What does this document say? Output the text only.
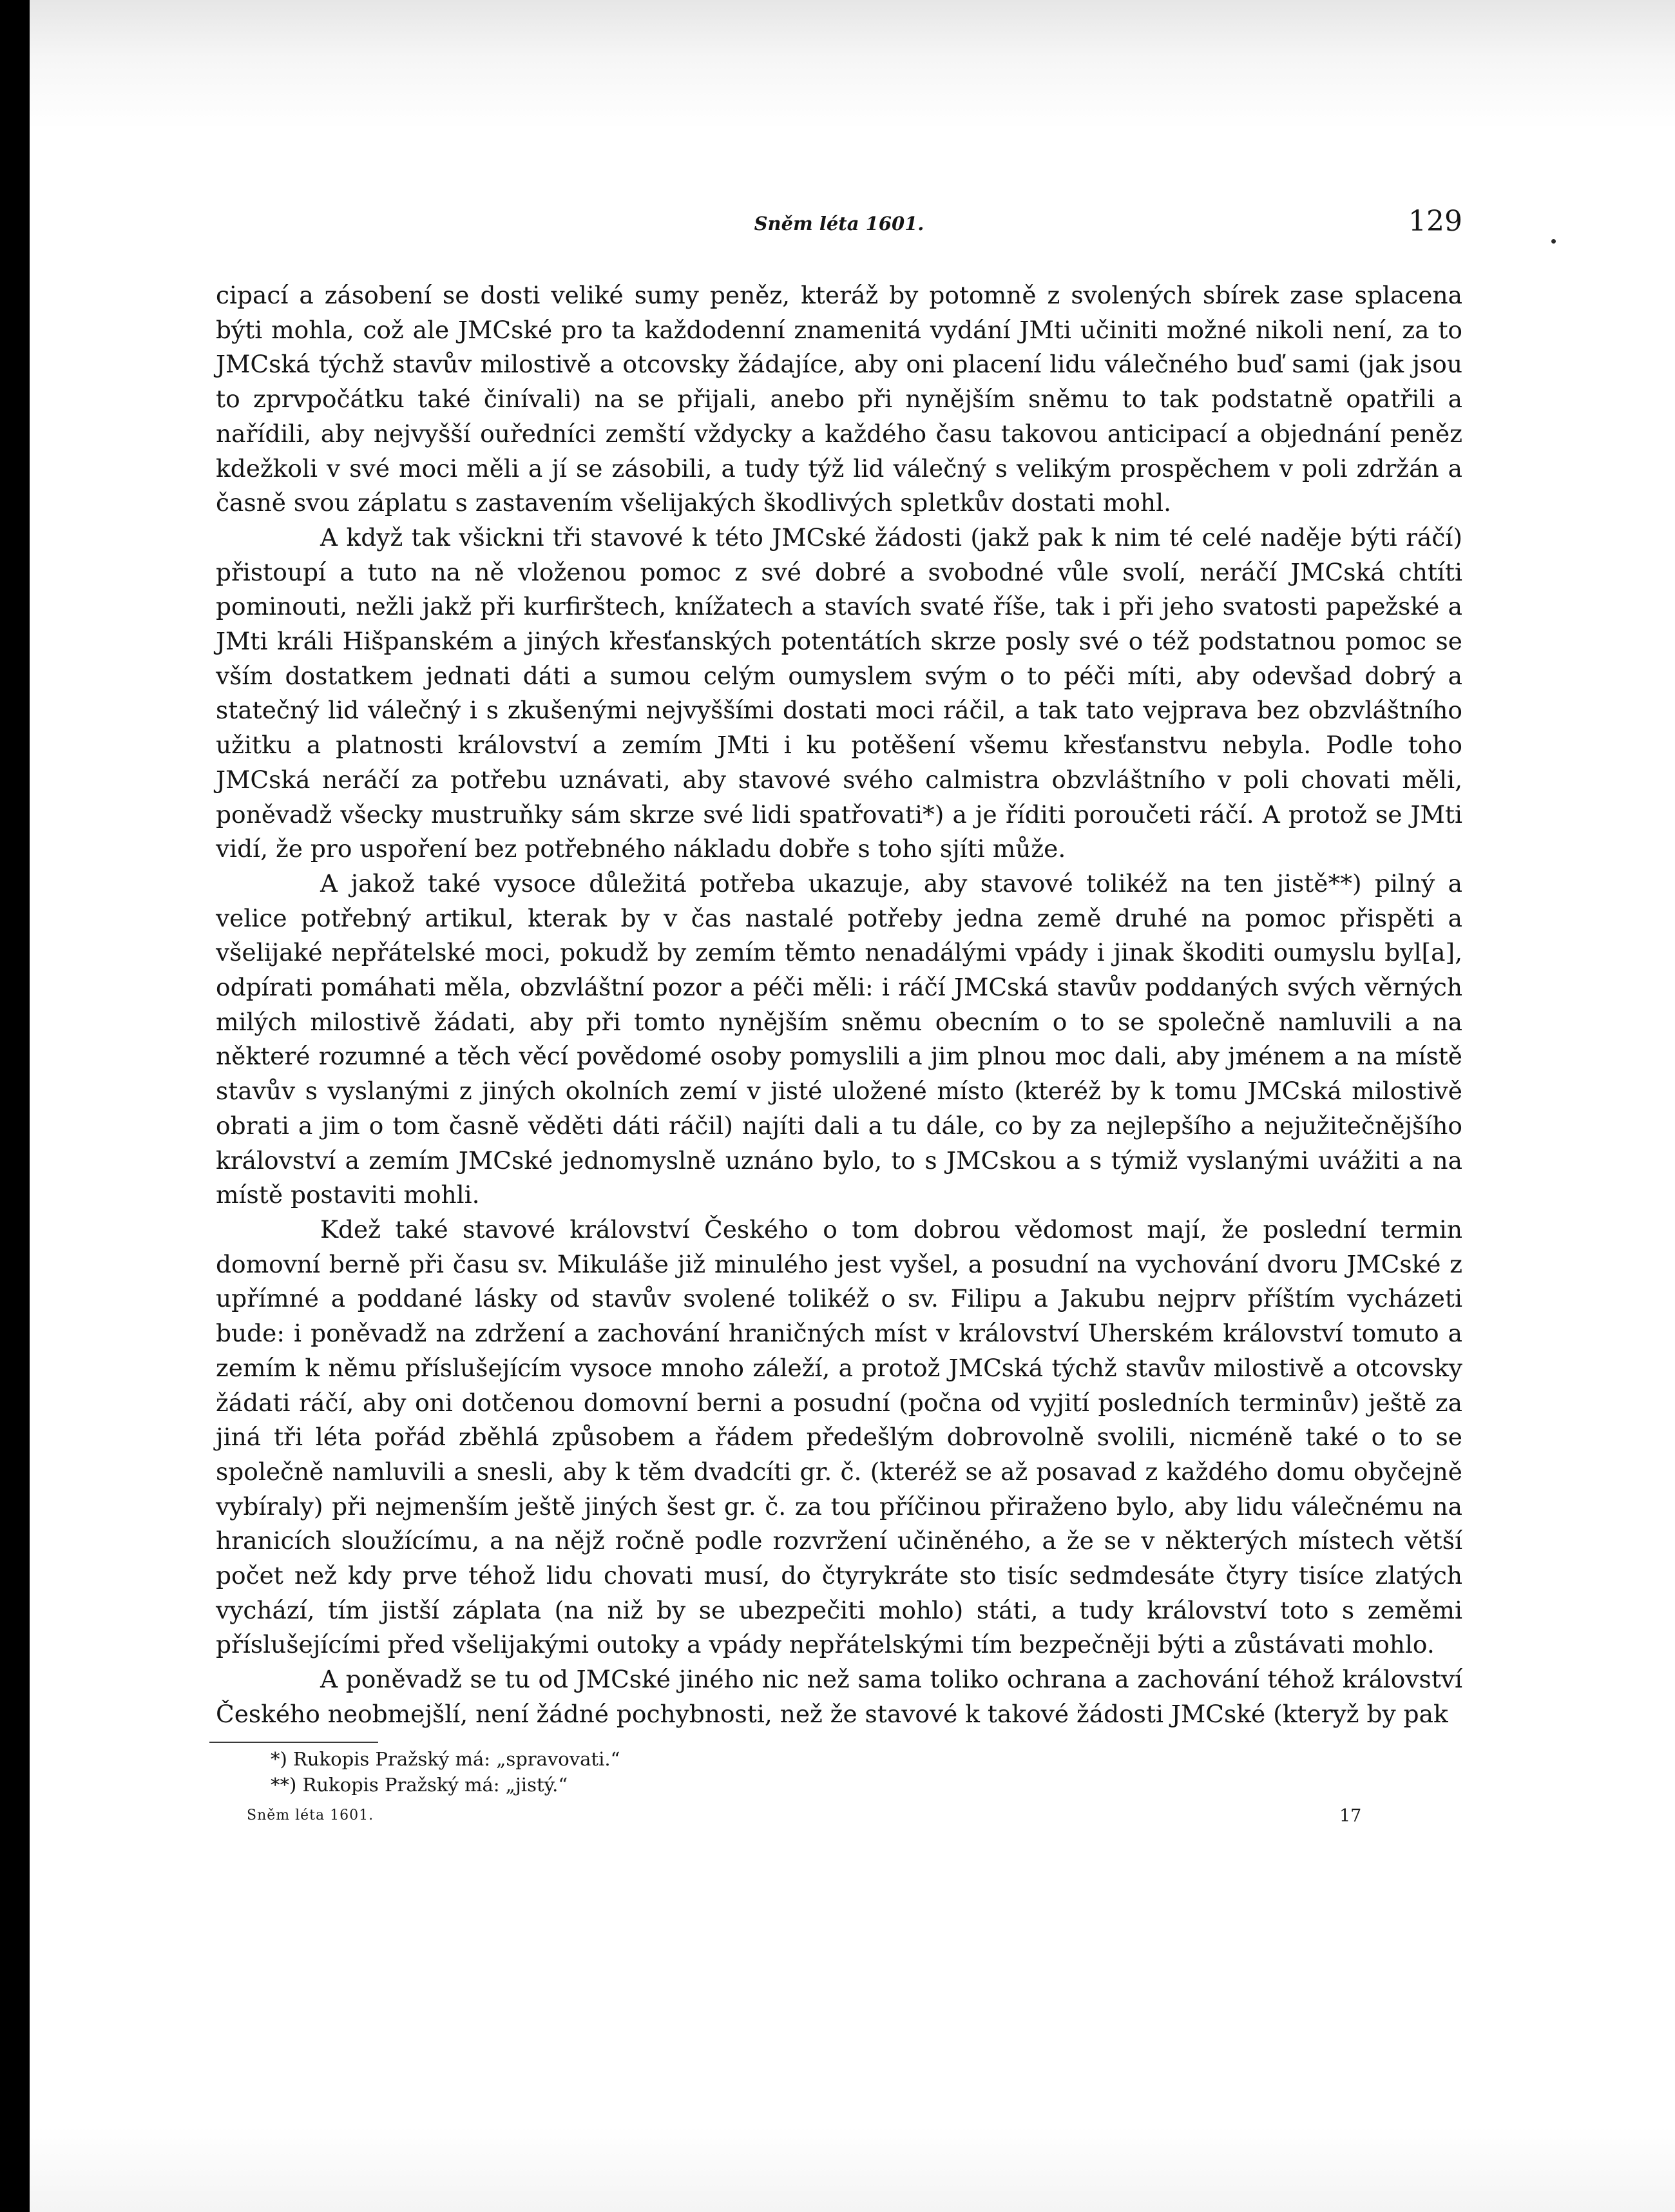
Sněm léta 1601.	129

cipací a zásobení se dosti veliké sumy peněz, kteráž by potomně z svolených sbírek zase splacena býti mohla, což ale JMCské pro ta každodenní znamenitá vydání JMti učiniti možné nikoli není, za to JMCská týchž stavův milostivě a otcovsky žádajíce, aby oni placení lidu válečného buď sami (jak jsou to zprvpočátku také činívali) na se přijali, anebo při nynějším sněmu to tak podstatně opatřili a nařídili, aby nejvyšší ouředníci zemští vždycky a každého času takovou anticipací a objednání peněz kdežkoli v své moci měli a jí se zásobili, a tudy týž lid válečný s velikým prospěchem v poli zdržán a časně svou záplatu s zastavením všelijakých škodlivých spletkův dostati mohl.

A když tak všickni tři stavové k této JMCské žádosti (jakž pak k nim té celé naděje býti ráčí) přistoupí a tuto na ně vloženou pomoc z své dobré a svobodné vůle svolí, neráčí JMCská chtíti pominouti, nežli jakž při kurfirštech, knížatech a stavích svaté říše, tak i při jeho svatosti papežské a JMti králi Hišpanském a jiných křesťanských potentátích skrze posly své o též podstatnou pomoc se vším dostatkem jednati dáti a sumou celým oumyslem svým o to péči míti, aby odevšad dobrý a statečný lid válečný i s zkušenými nejvyššími dostati moci ráčil, a tak tato vejprava bez obzvláštního užitku a platnosti království a zemím JMti i ku potěšení všemu křesťanstvu nebyla. Podle toho JMCská neráčí za potřebu uznávati, aby stavové svého calmistra obzvláštního v poli chovati měli, poněvadž všecky mustruňky sám skrze své lidi spatřovati*) a je říditi poroučeti ráčí. A protož se JMti vidí, že pro uspoření bez potřebného nákladu dobře s toho sjíti může.

A jakož také vysoce důležitá potřeba ukazuje, aby stavové tolikéž na ten jistě**) pilný a velice potřebný artikul, kterak by v čas nastalé potřeby jedna země druhé na pomoc přispěti a všelijaké nepřátelské moci, pokudž by zemím těmto nenadálými vpády i jinak škoditi oumyslu byl[a], odpírati pomáhati měla, obzvláštní pozor a péči měli: i ráčí JMCská stavův poddaných svých věrných milých milostivě žádati, aby při tomto nynějším sněmu obecním o to se společně namluvili a na některé rozumné a těch věcí povědomé osoby pomyslili a jim plnou moc dali, aby jménem a na místě stavův s vyslanými z jiných okolních zemí v jisté uložené místo (kteréž by k tomu JMCská milostivě obrati a jim o tom časně věděti dáti ráčil) najíti dali a tu dále, co by za nejlepšího a nejužitečnějšího království a zemím JMCské jednomyslně uznáno bylo, to s JMCskou a s týmiž vyslanými uvážiti a na místě postaviti mohli.

Kdež také stavové království Českého o tom dobrou vědomost mají, že poslední termin domovní berně při času sv. Mikuláše již minulého jest vyšel, a posudní na vychování dvoru JMCské z upřímné a poddané lásky od stavův svolené tolikéž o sv. Filipu a Jakubu nejprv příštím vycházeti bude: i poněvadž na zdržení a zachování hraničných míst v království Uherském království tomuto a zemím k němu příslušejícím vysoce mnoho záleží, a protož JMCská týchž stavův milostivě a otcovsky žádati ráčí, aby oni dotčenou domovní berni a posudní (počna od vyjití posledních terminův) ještě za jiná tři léta pořád zběhlá způsobem a řádem předešlým dobrovolně svolili, nicméně také o to se společně namluvili a snesli, aby k těm dvadcíti gr. č. (kteréž se až posavad z každého domu obyčejně vybíraly) při nejmenším ještě jiných šest gr. č. za tou příčinou přiraženo bylo, aby lidu válečnému na hranicích sloužícímu, a na nějž ročně podle rozvržení učiněného, a že se v některých místech větší počet než kdy prve téhož lidu chovati musí, do čtyrykráte sto tisíc sedmdesáte čtyry tisíce zlatých vychází, tím jistší záplata (na niž by se ubezpečiti mohlo) státi, a tudy království toto s zeměmi příslušejícími před všelijakými outoky a vpády nepřátelskými tím bezpečněji býti a zůstávati mohlo.

A poněvadž se tu od JMCské jiného nic než sama toliko ochrana a zachování téhož království Českého neobmejšlí, není žádné pochybnosti, než že stavové k takové žádosti JMCské (kteryž by pak

*) Rukopis Pražský má: „spravovati.“
**) Rukopis Pražský má: „jistý.“
Sněm léta 1601.	17
